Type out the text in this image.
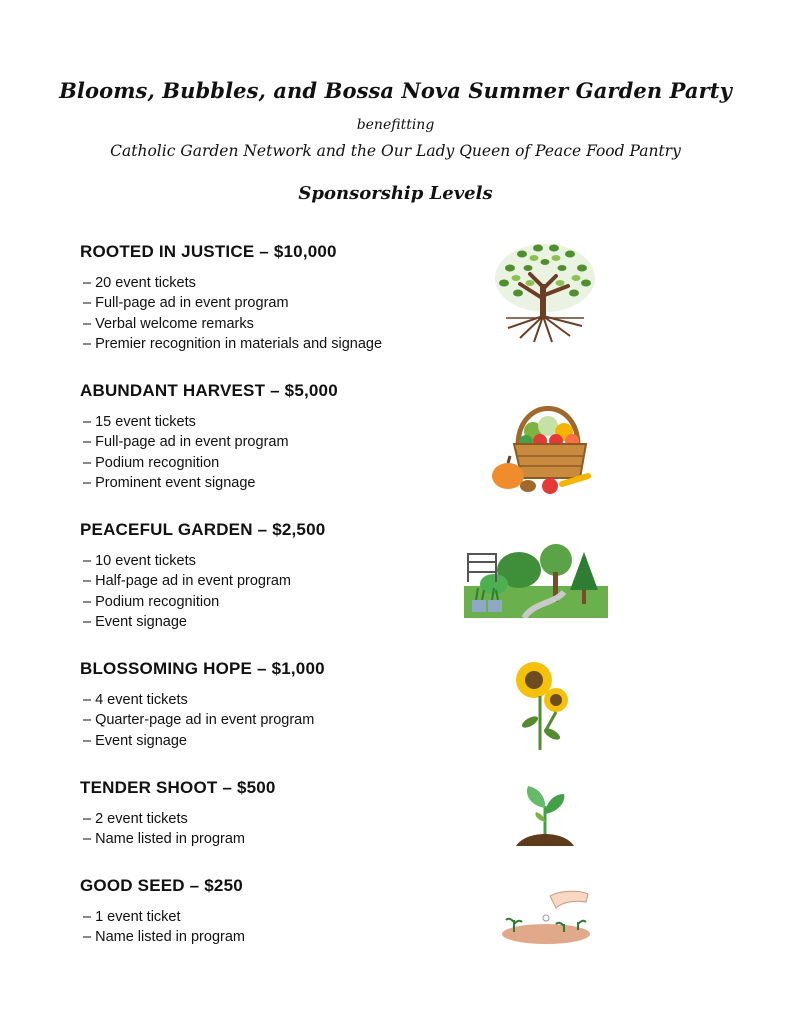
Blooms, Bubbles, and Bossa Nova Summer Garden Party
benefitting
Catholic Garden Network and the Our Lady Queen of Peace Food Pantry
Sponsorship Levels
ROOTED IN JUSTICE – $10,000
– 20 event tickets
– Full-page ad in event program
– Verbal welcome remarks
– Premier recognition in materials and signage
ABUNDANT HARVEST – $5,000
– 15 event tickets
– Full-page ad in event program
– Podium recognition
– Prominent event signage
PEACEFUL GARDEN – $2,500
– 10 event tickets
– Half-page ad in event program
– Podium recognition
– Event signage
BLOSSOMING HOPE – $1,000
– 4 event tickets
– Quarter-page ad in event program
– Event signage
TENDER SHOOT – $500
– 2 event tickets
– Name listed in program
GOOD SEED – $250
– 1 event ticket
– Name listed in program
